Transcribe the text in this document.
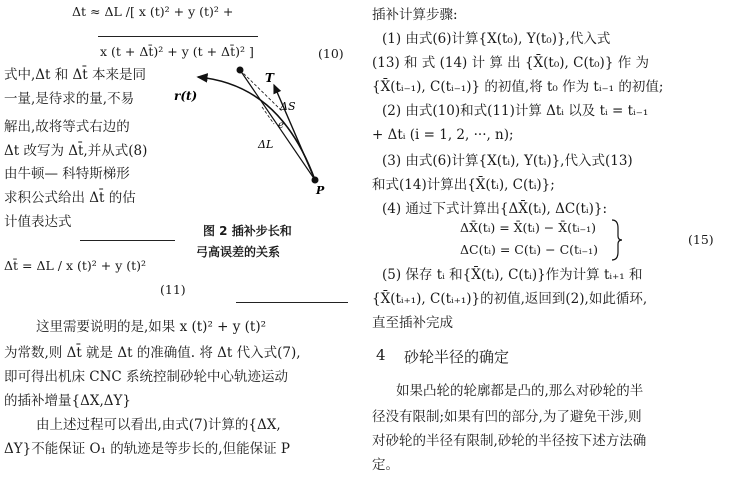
Δt ≈ ΔL /[ x (t)² + y (t)² +
x (t + Δt̄)² + y (t + Δt̄)² ]	(10)
式中,Δt 和 Δt̄ 本来是同
一量,是待求的量,不易
解出,故将等式右边的
Δt 改写为 Δt̄,并从式(8)
由牛顿— 科特斯梯形
求积公式给出 Δt̄ 的估
计值表达式
r(t)
T
ΔS
e
ΔL
P
图 2 插补步长和
弓高误差的关系
Δt̄ = ΔL / x (t)² + y (t)²
(11)
这里需要说明的是,如果 x (t)² + y (t)²
为常数,则 Δt̄ 就是 Δt 的准确值. 将 Δt 代入式(7),
即可得出机床 CNC 系统控制砂轮中心轨迹运动
的插补增量{ΔX,ΔY}
由上述过程可以看出,由式(7)计算的{ΔX,
ΔY}不能保证 O₁ 的轨迹是等步长的,但能保证 P
插补计算步骤:
(1) 由式(6)计算{X(t₀), Y(t₀)},代入式
(13) 和 式 (14) 计 算 出 {X̄(t₀), C(t₀)} 作 为
{X̄(tᵢ₋₁), C(tᵢ₋₁)} 的初值,将 t₀ 作为 tᵢ₋₁ 的初值;
(2) 由式(10)和式(11)计算 Δtᵢ 以及 tᵢ = tᵢ₋₁
+ Δtᵢ (i = 1, 2, ···, n);
(3) 由式(6)计算{X(tᵢ), Y(tᵢ)},代入式(13)
和式(14)计算出{X̄(tᵢ), C(tᵢ)};
(4) 通过下式计算出{ΔX̄(tᵢ), ΔC(tᵢ)}:
ΔX̄(tᵢ) = X̄(tᵢ) − X̄(tᵢ₋₁)
ΔC(tᵢ) = C(tᵢ) − C(tᵢ₋₁)
(15)
(5) 保存 tᵢ 和{X̄(tᵢ), C(tᵢ)}作为计算 tᵢ₊₁ 和
{X̄(tᵢ₊₁), C(tᵢ₊₁)}的初值,返回到(2),如此循环,
直至插补完成
4 砂轮半径的确定
如果凸轮的轮廓都是凸的,那么对砂轮的半
径没有限制;如果有凹的部分,为了避免干涉,则
对砂轮的半径有限制,砂轮的半径按下述方法确
定。
